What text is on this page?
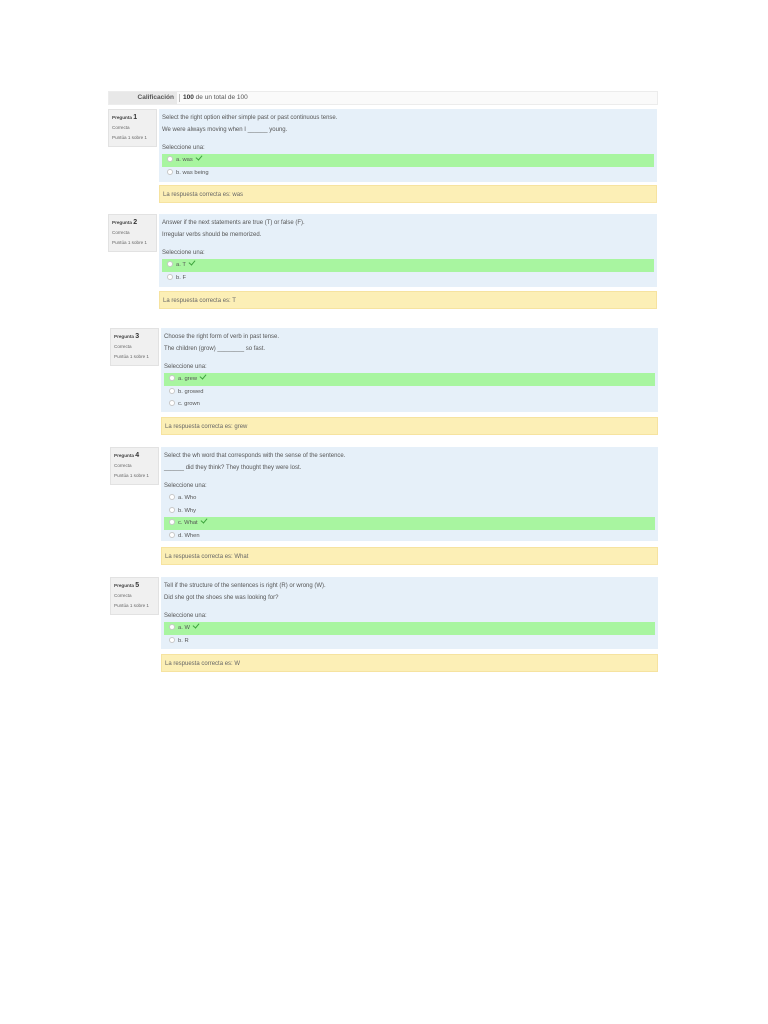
Calificación	100 de un total de 100
Pregunta 1
Correcta
Puntúa 1 sobre 1
Select the right option either simple past or past continuous tense.
We were always moving when I ______ young.
Seleccione una:
a. was
b. was being
La respuesta correcta es: was
Pregunta 2
Correcta
Puntúa 1 sobre 1
Answer if the next statements are true (T) or false (F).
Irregular verbs should be memorized.
Seleccione una:
a. T
b. F
La respuesta correcta es: T
Pregunta 3
Correcta
Puntúa 1 sobre 1
Choose the right form of verb in past tense.
The children (grow) ________ so fast.
Seleccione una:
a. grew
b. growed
c. grown
La respuesta correcta es: grew
Pregunta 4
Correcta
Puntúa 1 sobre 1
Select the wh word that corresponds with the sense of the sentence.
______ did they think? They thought they were lost.
Seleccione una:
a. Who
b. Why
c. What
d. When
La respuesta correcta es: What
Pregunta 5
Correcta
Puntúa 1 sobre 1
Tell if the structure of the sentences is right (R) or wrong (W).
Did she got the shoes she was looking for?
Seleccione una:
a. W
b. R
La respuesta correcta es: W
